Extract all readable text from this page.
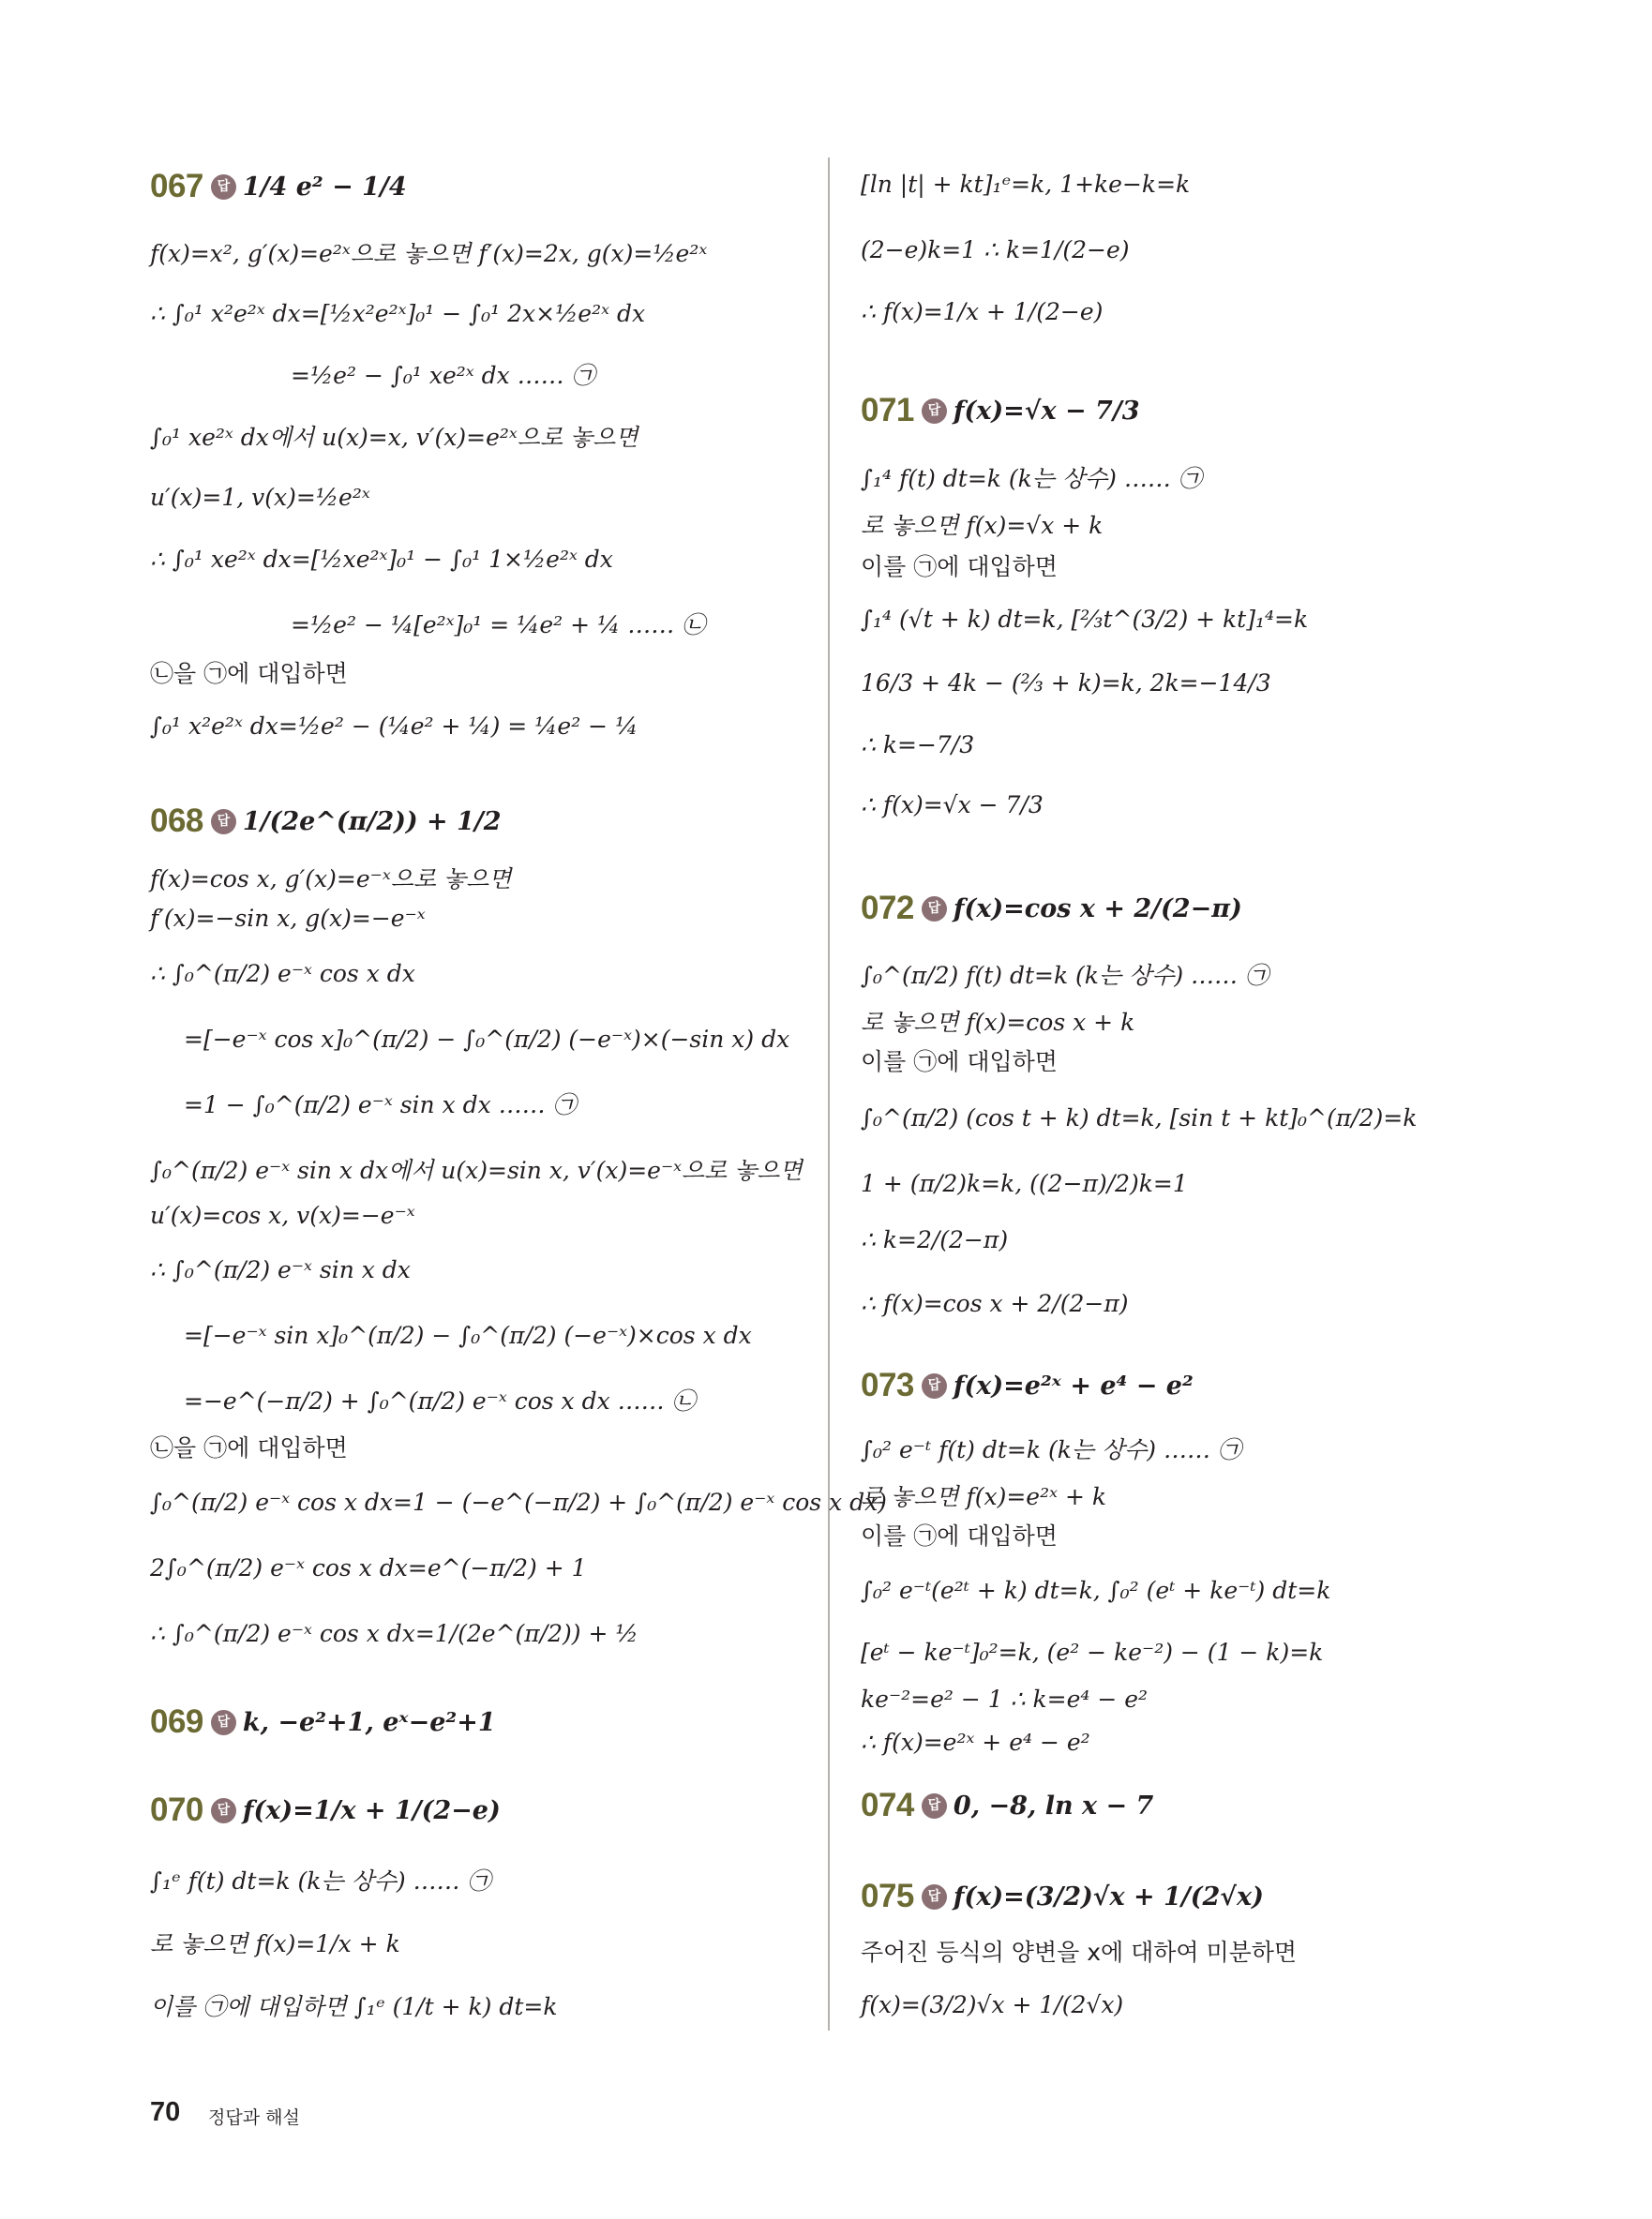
067	답 1/4 e² − 1/4
f(x)=x², g′(x)=e²ˣ으로 놓으면 f′(x)=2x, g(x)=½e²ˣ
∴ ∫₀¹ x²e²ˣ dx=[½x²e²ˣ]₀¹ − ∫₀¹ 2x×½e²ˣ dx
=½e² − ∫₀¹ xe²ˣ dx …… ㉠
∫₀¹ xe²ˣ dx에서 u(x)=x, v′(x)=e²ˣ으로 놓으면
u′(x)=1, v(x)=½e²ˣ
∴ ∫₀¹ xe²ˣ dx=[½xe²ˣ]₀¹ − ∫₀¹ 1×½e²ˣ dx
=½e² − ¼[e²ˣ]₀¹ = ¼e² + ¼ …… ㉡
㉡을 ㉠에 대입하면
∫₀¹ x²e²ˣ dx=½e² − (¼e² + ¼) = ¼e² − ¼
068	답 1/(2e^(π/2)) + 1/2
f(x)=cos x, g′(x)=e⁻ˣ으로 놓으면
f′(x)=−sin x, g(x)=−e⁻ˣ
∴ ∫₀^(π/2) e⁻ˣ cos x dx
=[−e⁻ˣ cos x]₀^(π/2) − ∫₀^(π/2) (−e⁻ˣ)×(−sin x) dx
=1 − ∫₀^(π/2) e⁻ˣ sin x dx …… ㉠
∫₀^(π/2) e⁻ˣ sin x dx에서 u(x)=sin x, v′(x)=e⁻ˣ으로 놓으면
u′(x)=cos x, v(x)=−e⁻ˣ
∴ ∫₀^(π/2) e⁻ˣ sin x dx
=[−e⁻ˣ sin x]₀^(π/2) − ∫₀^(π/2) (−e⁻ˣ)×cos x dx
=−e^(−π/2) + ∫₀^(π/2) e⁻ˣ cos x dx …… ㉡
㉡을 ㉠에 대입하면
∫₀^(π/2) e⁻ˣ cos x dx=1 − (−e^(−π/2) + ∫₀^(π/2) e⁻ˣ cos x dx)
2∫₀^(π/2) e⁻ˣ cos x dx=e^(−π/2) + 1
∴ ∫₀^(π/2) e⁻ˣ cos x dx=1/(2e^(π/2)) + ½
069	답 k, −e²+1, eˣ−e²+1
070	답 f(x)=1/x + 1/(2−e)
∫₁ᵉ f(t) dt=k (k는 상수) …… ㉠
로 놓으면 f(x)=1/x + k
이를 ㉠에 대입하면 ∫₁ᵉ (1/t + k) dt=k
[ln |t| + kt]₁ᵉ=k, 1+ke−k=k
(2−e)k=1 ∴ k=1/(2−e)
∴ f(x)=1/x + 1/(2−e)
071	답 f(x)=√x − 7/3
∫₁⁴ f(t) dt=k (k는 상수) …… ㉠
로 놓으면 f(x)=√x + k
이를 ㉠에 대입하면
∫₁⁴ (√t + k) dt=k, [⅔t^(3/2) + kt]₁⁴=k
16/3 + 4k − (⅔ + k)=k, 2k=−14/3
∴ k=−7/3
∴ f(x)=√x − 7/3
072	답 f(x)=cos x + 2/(2−π)
∫₀^(π/2) f(t) dt=k (k는 상수) …… ㉠
로 놓으면 f(x)=cos x + k
이를 ㉠에 대입하면
∫₀^(π/2) (cos t + k) dt=k, [sin t + kt]₀^(π/2)=k
1 + (π/2)k=k, ((2−π)/2)k=1
∴ k=2/(2−π)
∴ f(x)=cos x + 2/(2−π)
073	답 f(x)=e²ˣ + e⁴ − e²
∫₀² e⁻ᵗ f(t) dt=k (k는 상수) …… ㉠
로 놓으면 f(x)=e²ˣ + k
이를 ㉠에 대입하면
∫₀² e⁻ᵗ(e²ᵗ + k) dt=k, ∫₀² (eᵗ + ke⁻ᵗ) dt=k
[eᵗ − ke⁻ᵗ]₀²=k, (e² − ke⁻²) − (1 − k)=k
ke⁻²=e² − 1 ∴ k=e⁴ − e²
∴ f(x)=e²ˣ + e⁴ − e²
074	답 0, −8, ln x − 7
075	답 f(x)=(3/2)√x + 1/(2√x)
주어진 등식의 양변을 x에 대하여 미분하면
f(x)=(3/2)√x + 1/(2√x)
70 정답과 해설
